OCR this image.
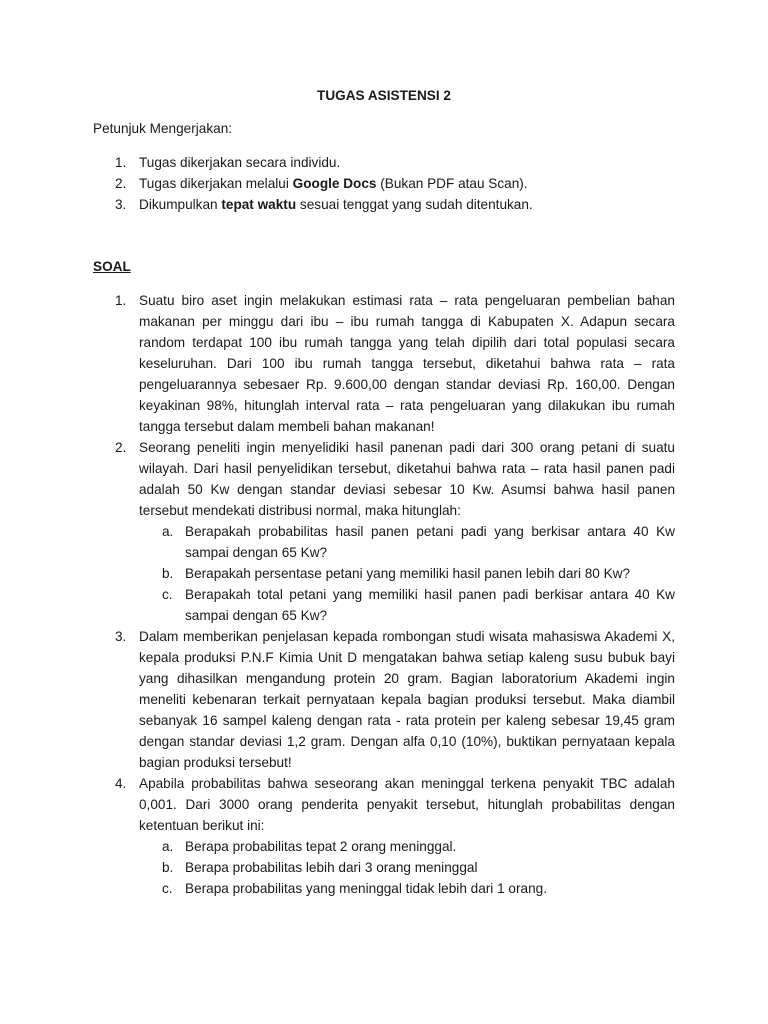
TUGAS ASISTENSI 2
Petunjuk Mengerjakan:
1. Tugas dikerjakan secara individu.
2. Tugas dikerjakan melalui Google Docs (Bukan PDF atau Scan).
3. Dikumpulkan tepat waktu sesuai tenggat yang sudah ditentukan.
SOAL
1. Suatu biro aset ingin melakukan estimasi rata – rata pengeluaran pembelian bahan makanan per minggu dari ibu – ibu rumah tangga di Kabupaten X. Adapun secara random terdapat 100 ibu rumah tangga yang telah dipilih dari total populasi secara keseluruhan. Dari 100 ibu rumah tangga tersebut, diketahui bahwa rata – rata pengeluarannya sebesaer Rp. 9.600,00 dengan standar deviasi Rp. 160,00. Dengan keyakinan 98%, hitunglah interval rata – rata pengeluaran yang dilakukan ibu rumah tangga tersebut dalam membeli bahan makanan!
2. Seorang peneliti ingin menyelidiki hasil panenan padi dari 300 orang petani di suatu wilayah. Dari hasil penyelidikan tersebut, diketahui bahwa rata – rata hasil panen padi adalah 50 Kw dengan standar deviasi sebesar 10 Kw. Asumsi bahwa hasil panen tersebut mendekati distribusi normal, maka hitunglah:
a. Berapakah probabilitas hasil panen petani padi yang berkisar antara 40 Kw sampai dengan 65 Kw?
b. Berapakah persentase petani yang memiliki hasil panen lebih dari 80 Kw?
c. Berapakah total petani yang memiliki hasil panen padi berkisar antara 40 Kw sampai dengan 65 Kw?
3. Dalam memberikan penjelasan kepada rombongan studi wisata mahasiswa Akademi X, kepala produksi P.N.F Kimia Unit D mengatakan bahwa setiap kaleng susu bubuk bayi yang dihasilkan mengandung protein 20 gram. Bagian laboratorium Akademi ingin meneliti kebenaran terkait pernyataan kepala bagian produksi tersebut. Maka diambil sebanyak 16 sampel kaleng dengan rata - rata protein per kaleng sebesar 19,45 gram dengan standar deviasi 1,2 gram. Dengan alfa 0,10 (10%), buktikan pernyataan kepala bagian produksi tersebut!
4. Apabila probabilitas bahwa seseorang akan meninggal terkena penyakit TBC adalah 0,001. Dari 3000 orang penderita penyakit tersebut, hitunglah probabilitas dengan ketentuan berikut ini:
a. Berapa probabilitas tepat 2 orang meninggal.
b. Berapa probabilitas lebih dari 3 orang meninggal
c. Berapa probabilitas yang meninggal tidak lebih dari 1 orang.
